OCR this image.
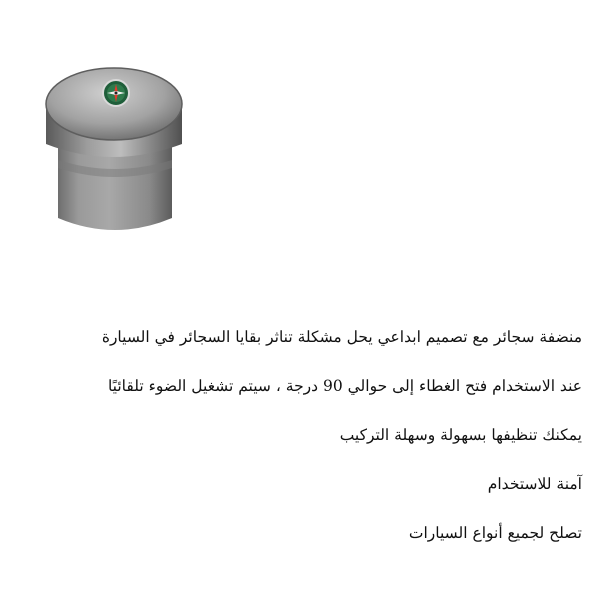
منضفة سجائر مع تصميم ابداعي يحل مشكلة تناثر بقايا السجائر في السيارة
عند الاستخدام فتح الغطاء إلى حوالي 90 درجة ، سيتم تشغيل الضوء تلقائيًا
يمكنك تنظيفها بسهولة وسهلة التركيب
آمنة للاستخدام
تصلح لجميع أنواع السيارات
